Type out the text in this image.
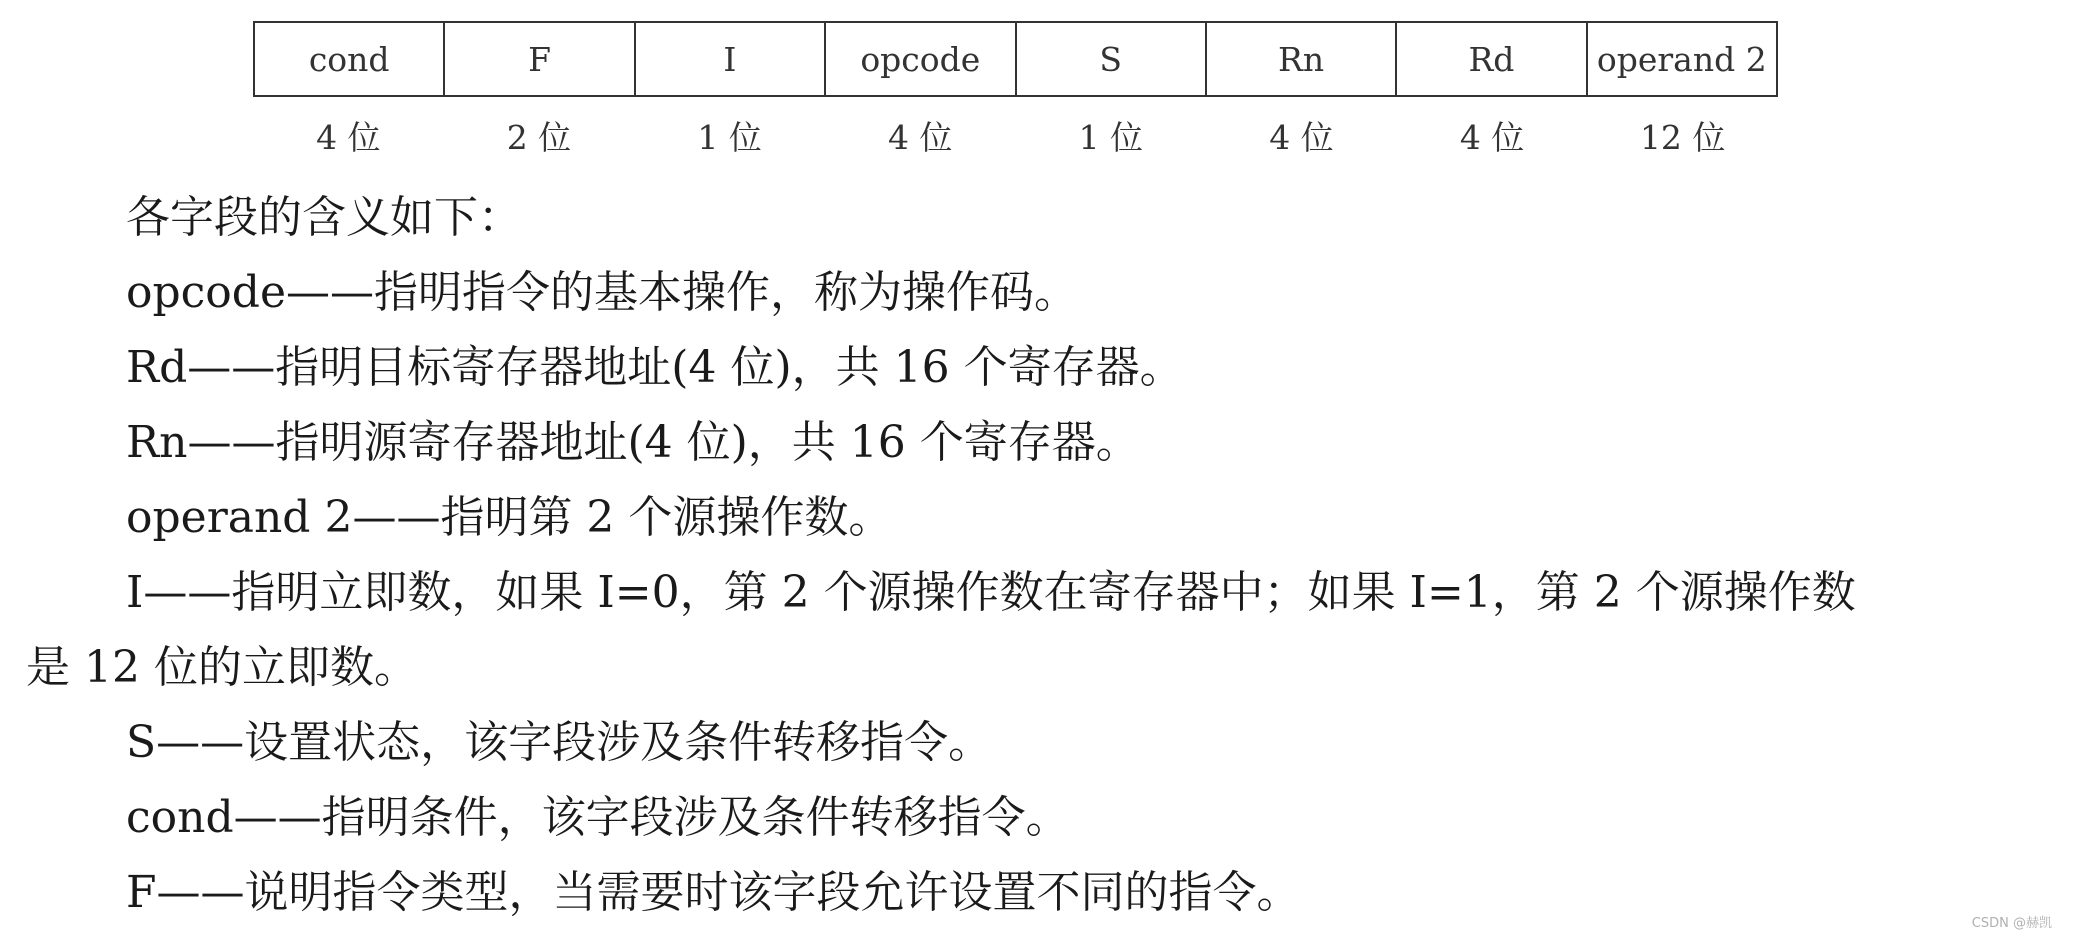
cond	F	I	opcode	S	Rn	Rd	operand 2
4 位	2 位	1 位	4 位	1 位	4 位	4 位	12 位
各字段的含义如下：
opcode——指明指令的基本操作，称为操作码。
Rd——指明目标寄存器地址(4 位)，共 16 个寄存器。
Rn——指明源寄存器地址(4 位)，共 16 个寄存器。
operand 2——指明第 2 个源操作数。
I——指明立即数，如果 I=0，第 2 个源操作数在寄存器中；如果 I=1，第 2 个源操作数
是 12 位的立即数。
S——设置状态，该字段涉及条件转移指令。
cond——指明条件，该字段涉及条件转移指令。
F——说明指令类型，当需要时该字段允许设置不同的指令。
CSDN @赫凯
